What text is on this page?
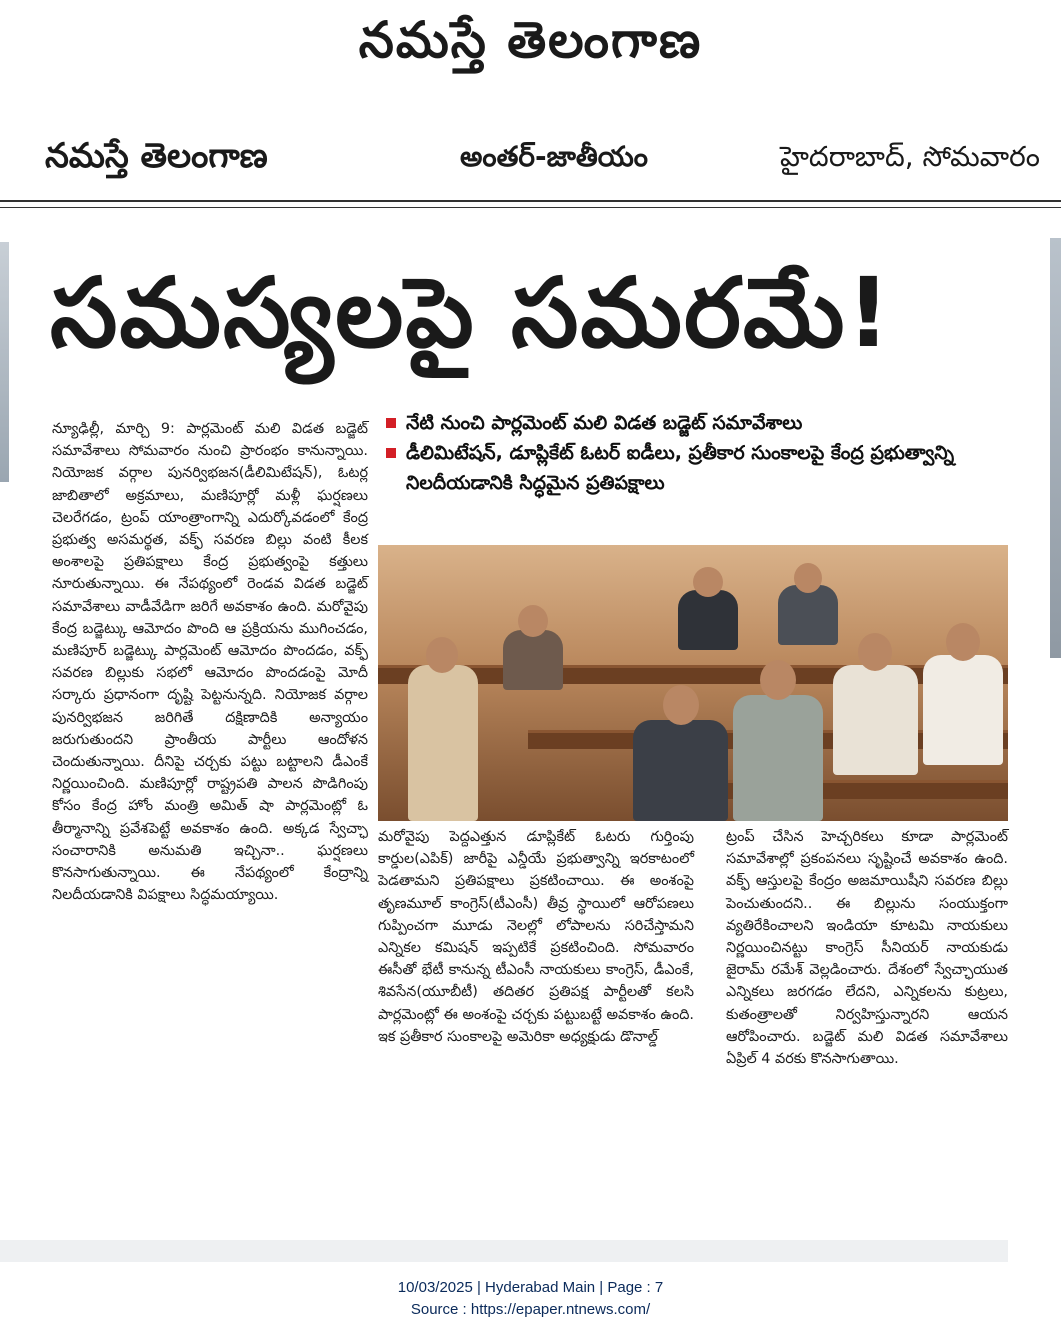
నమస్తే తెలంగాణ
నమస్తే తెలంగాణ	అంతర్-జాతీయం	హైదరాబాద్, సోమవారం
సమస్యలపై సమరమే!
నేటి నుంచి పార్లమెంట్ మలి విడత బడ్జెట్ సమావేశాలు
డీలిమిటేషన్, డూప్లికేట్ ఓటర్ ఐడీలు, ప్రతీకార సుంకాలపై కేంద్ర ప్రభుత్వాన్ని నిలదీయడానికి సిద్ధమైన ప్రతిపక్షాలు
న్యూఢిల్లీ, మార్చి 9: పార్లమెంట్ మలి విడత బడ్జెట్ సమావేశాలు సోమవారం నుంచి ప్రారంభం కానున్నాయి. నియోజక వర్గాల పునర్విభజన(డీలిమిటేషన్), ఓటర్ల జాబితాలో అక్రమాలు, మణిపూర్లో మళ్లీ ఘర్షణలు చెలరేగడం, ట్రంప్ యాంత్రాంగాన్ని ఎదుర్కోవడంలో కేంద్ర ప్రభుత్వ అసమర్థత, వక్ఫ్ సవరణ బిల్లు వంటి కీలక అంశాలపై ప్రతిపక్షాలు కేంద్ర ప్రభుత్వంపై కత్తులు నూరుతున్నాయి. ఈ నేపథ్యంలో రెండవ విడత బడ్జెట్ సమావేశాలు వాడీవేడిగా జరిగే అవకాశం ఉంది. మరోవైపు కేంద్ర బడ్జెట్కు ఆమోదం పొంది ఆ ప్రక్రియను ముగించడం, మణిపూర్ బడ్జెట్కు పార్లమెంట్ ఆమోదం పొందడం, వక్ఫ్ సవరణ బిల్లుకు సభలో ఆమోదం పొందడంపై మోదీ సర్కారు ప్రధానంగా దృష్టి పెట్టనున్నది. నియోజక వర్గాల పునర్విభజన జరిగితే దక్షిణాదికి అన్యాయం జరుగుతుందని ప్రాంతీయ పార్టీలు ఆందోళన చెందుతున్నాయి. దీనిపై చర్చకు పట్టు బట్టాలని డీఎంకే నిర్ణయించింది. మణిపూర్లో రాష్ట్రపతి పాలన పొడిగింపు కోసం కేంద్ర హోం మంత్రి అమిత్ షా పార్లమెంట్లో ఓ తీర్మానాన్ని ప్రవేశపెట్టే అవకాశం ఉంది. అక్కడ స్వేచ్ఛా సంచారానికి అనుమతి ఇచ్చినా.. ఘర్షణలు కొనసాగుతున్నాయి. ఈ నేపథ్యంలో కేంద్రాన్ని నిలదీయడానికి విపక్షాలు సిద్ధమయ్యాయి.
మరోవైపు పెద్దఎత్తున డూప్లికేట్ ఓటరు గుర్తింపు కార్డుల(ఎపిక్) జారీపై ఎన్డీయే ప్రభుత్వాన్ని ఇరకాటంలో పెడతామని ప్రతిపక్షాలు ప్రకటించాయి. ఈ అంశంపై తృణమూల్ కాంగ్రెస్(టీఎంసీ) తీవ్ర స్థాయిలో ఆరోపణలు గుప్పించగా మూడు నెలల్లో లోపాలను సరిచేస్తామని ఎన్నికల కమిషన్ ఇప్పటికే ప్రకటించింది. సోమవారం ఈసీతో భేటీ కానున్న టీఎంసీ నాయకులు కాంగ్రెస్, డీఎంకే, శివసేన(యూబీటీ) తదితర ప్రతిపక్ష పార్టీలతో కలసి పార్లమెంట్లో ఈ అంశంపై చర్చకు పట్టుబట్టే అవకాశం ఉంది. ఇక ప్రతీకార సుంకాలపై అమెరికా అధ్యక్షుడు డొనాల్డ్
ట్రంప్ చేసిన హెచ్చరికలు కూడా పార్లమెంట్ సమావేశాల్లో ప్రకంపనలు సృష్టించే అవకాశం ఉంది. వక్ఫ్ ఆస్తులపై కేంద్రం అజమాయిషీని సవరణ బిల్లు పెంచుతుందని.. ఈ బిల్లును సంయుక్తంగా వ్యతిరేకించాలని ఇండియా కూటమి నాయకులు నిర్ణయించినట్టు కాంగ్రెస్ సీనియర్ నాయకుడు జైరామ్ రమేశ్ వెల్లడించారు. దేశంలో స్వేచ్ఛాయుత ఎన్నికలు జరగడం లేదని, ఎన్నికలను కుట్రలు, కుతంత్రాలతో నిర్వహిస్తున్నారని ఆయన ఆరోపించారు. బడ్జెట్ మలి విడత సమావేశాలు ఏప్రిల్ 4 వరకు కొనసాగుతాయి.
10/03/2025 | Hyderabad Main | Page : 7
Source : https://epaper.ntnews.com/
